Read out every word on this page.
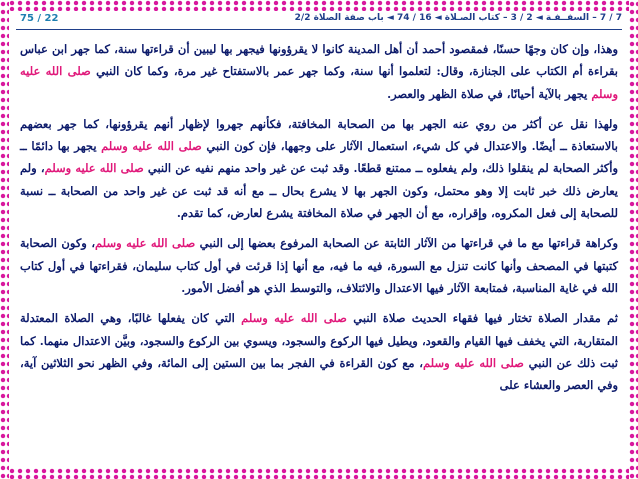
75 / 22	7 / 7 – السفــفـة ◄ 2 / 3 – كتاب الصـلاة ◄ 16 / 74 ◄ باب صفة الصلاة 2/2

وهذا، وإن كان وجهًا حسنًا، فمقصود أحمد أن أهل المدينة كانوا لا يقرؤونها فيجهر بها ليبين أن قراءتها سنة، كما جهر ابن عباس بقراءة أم الكتاب على الجنازة، وقال: لتعلموا أنها سنة، وكما جهر عمر بالاستفتاح غير مرة، وكما كان النبي صلى الله عليه وسلم يجهر بالآية أحيانًا، في صلاة الظهر والعصر.

ولهذا نقل عن أكثر من روي عنه الجهر بها من الصحابة المخافتة، فكأنهم جهروا لإظهار أنهم يقرؤونها، كما جهر بعضهم بالاستعاذة ــ أيضًا. والاعتدال في كل شيء، استعمال الآثار على وجهها، فإن كون النبي صلى الله عليه وسلم يجهر بها دائمًا ــ وأكثر الصحابة لم ينقلوا ذلك، ولم يفعلوه ــ ممتنع قطعًا. وقد ثبت عن غير واحد منهم نفيه عن النبي صلى الله عليه وسلم، ولم يعارض ذلك خبر ثابت إلا وهو محتمل، وكون الجهر بها لا يشرع بحال ــ مع أنه قد ثبت عن غير واحد من الصحابة ــ نسبة للصحابة إلى فعل المكروه، وإقراره، مع أن الجهر في صلاة المخافتة يشرع لعارض، كما تقدم.

وكراهة قراءتها مع ما في قراءتها من الآثار الثابتة عن الصحابة المرفوع بعضها إلى النبي صلى الله عليه وسلم، وكون الصحابة كتبتها في المصحف وأنها كانت تنزل مع السورة، فيه ما فيه، مع أنها إذا قرئت في أول كتاب سليمان، فقراءتها في أول كتاب الله في غاية المناسبة، فمتابعة الآثار فيها الاعتدال والائتلاف، والتوسط الذي هو أفضل الأمور.

ثم مقدار الصلاة تختار فيها فقهاء الحديث صلاة النبي صلى الله عليه وسلم التي كان يفعلها غالبًا، وهي الصلاة المعتدلة المتقاربة، التي يخفف فيها القيام والقعود، ويطيل فيها الركوع والسجود، ويسوي بين الركوع والسجود، وبيَّن الاعتدال منهما. كما ثبت ذلك عن النبي صلى الله عليه وسلم، مع كون القراءة في الفجر بما بين الستين إلى المائة، وفي الظهر نحو الثلاثين آية، وفي العصر والعشاء على
